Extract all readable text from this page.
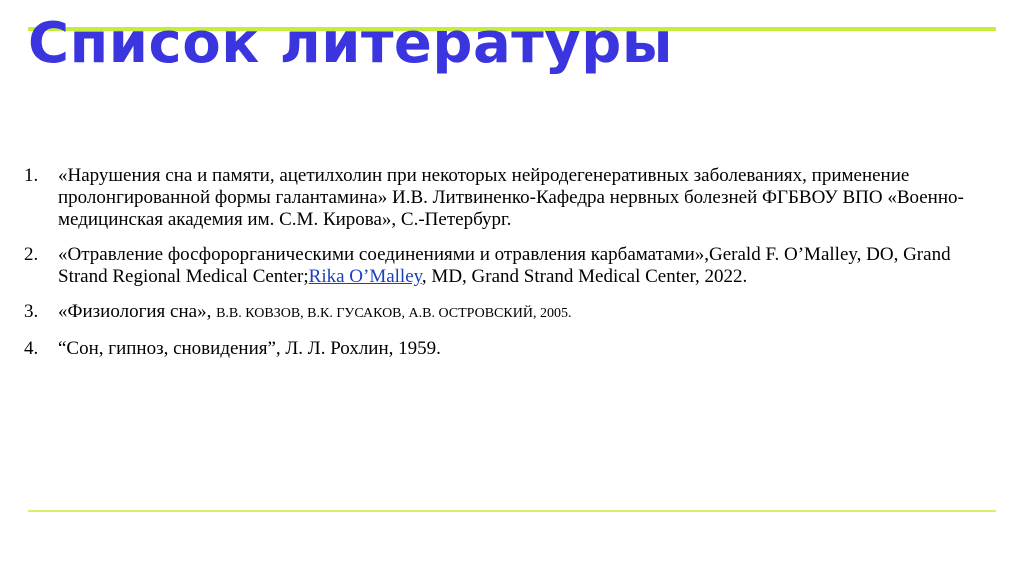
Список литературы
1.	«Нарушения сна и памяти, ацетилхолин при некоторых нейродегенеративных заболеваниях, применение пролонгированной формы галантамина» И.В. Литвиненко-Кафедра нервных болезней ФГБВОУ ВПО «Военно-медицинская академия им. С.М. Кирова», С.-Петербург.
2.	«Отравление фосфорорганическими соединениями и отравления карбаматами»,Gerald F. O’Malley, DO, Grand Strand Regional Medical Center;Rika O’Malley, MD, Grand Strand Medical Center, 2022.
3.	«Физиология сна», В.В. КОВЗОВ, В.К. ГУСАКОВ, А.В. ОСТРОВСКИЙ, 2005.
4.	“Сон, гипноз, сновидения”, Л. Л. Рохлин, 1959.
